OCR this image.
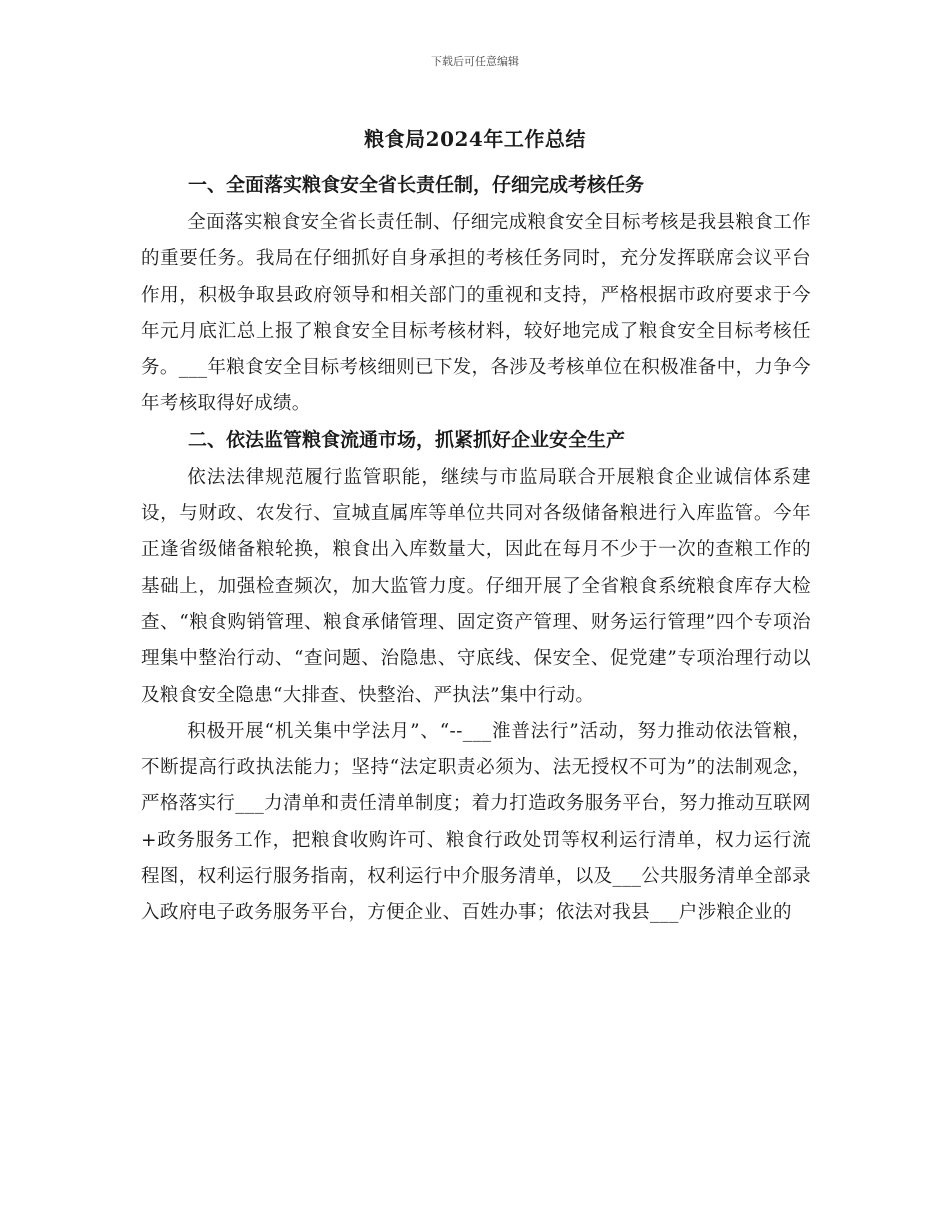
下载后可任意编辑
粮食局2024年工作总结
一、全面落实粮食安全省长责任制，仔细完成考核任务

全面落实粮食安全省长责任制、仔细完成粮食安全目标考核是我县粮食工作的重要任务。我局在仔细抓好自身承担的考核任务同时，充分发挥联席会议平台作用，积极争取县政府领导和相关部门的重视和支持，严格根据市政府要求于今年元月底汇总上报了粮食安全目标考核材料，较好地完成了粮食安全目标考核任务。___年粮食安全目标考核细则已下发，各涉及考核单位在积极准备中，力争今年考核取得好成绩。

二、依法监管粮食流通市场，抓紧抓好企业安全生产

依法法律规范履行监管职能，继续与市监局联合开展粮食企业诚信体系建设，与财政、农发行、宣城直属库等单位共同对各级储备粮进行入库监管。今年正逢省级储备粮轮换，粮食出入库数量大，因此在每月不少于一次的查粮工作的基础上，加强检查频次，加大监管力度。仔细开展了全省粮食系统粮食库存大检查、“粮食购销管理、粮食承储管理、固定资产管理、财务运行管理”四个专项治理集中整治行动、“查问题、治隐患、守底线、保安全、促党建”专项治理行动以及粮食安全隐患“大排查、快整治、严执法”集中行动。

积极开展“机关集中学法月”、“--___淮普法行”活动，努力推动依法管粮，不断提高行政执法能力；坚持“法定职责必须为、法无授权不可为”的法制观念，严格落实行___力清单和责任清单制度；着力打造政务服务平台，努力推动互联网+政务服务工作，把粮食收购许可、粮食行政处罚等权利运行清单，权力运行流程图，权利运行服务指南，权利运行中介服务清单，以及___公共服务清单全部录入政府电子政务服务平台，方便企业、百姓办事；依法对我县___户涉粮企业的
